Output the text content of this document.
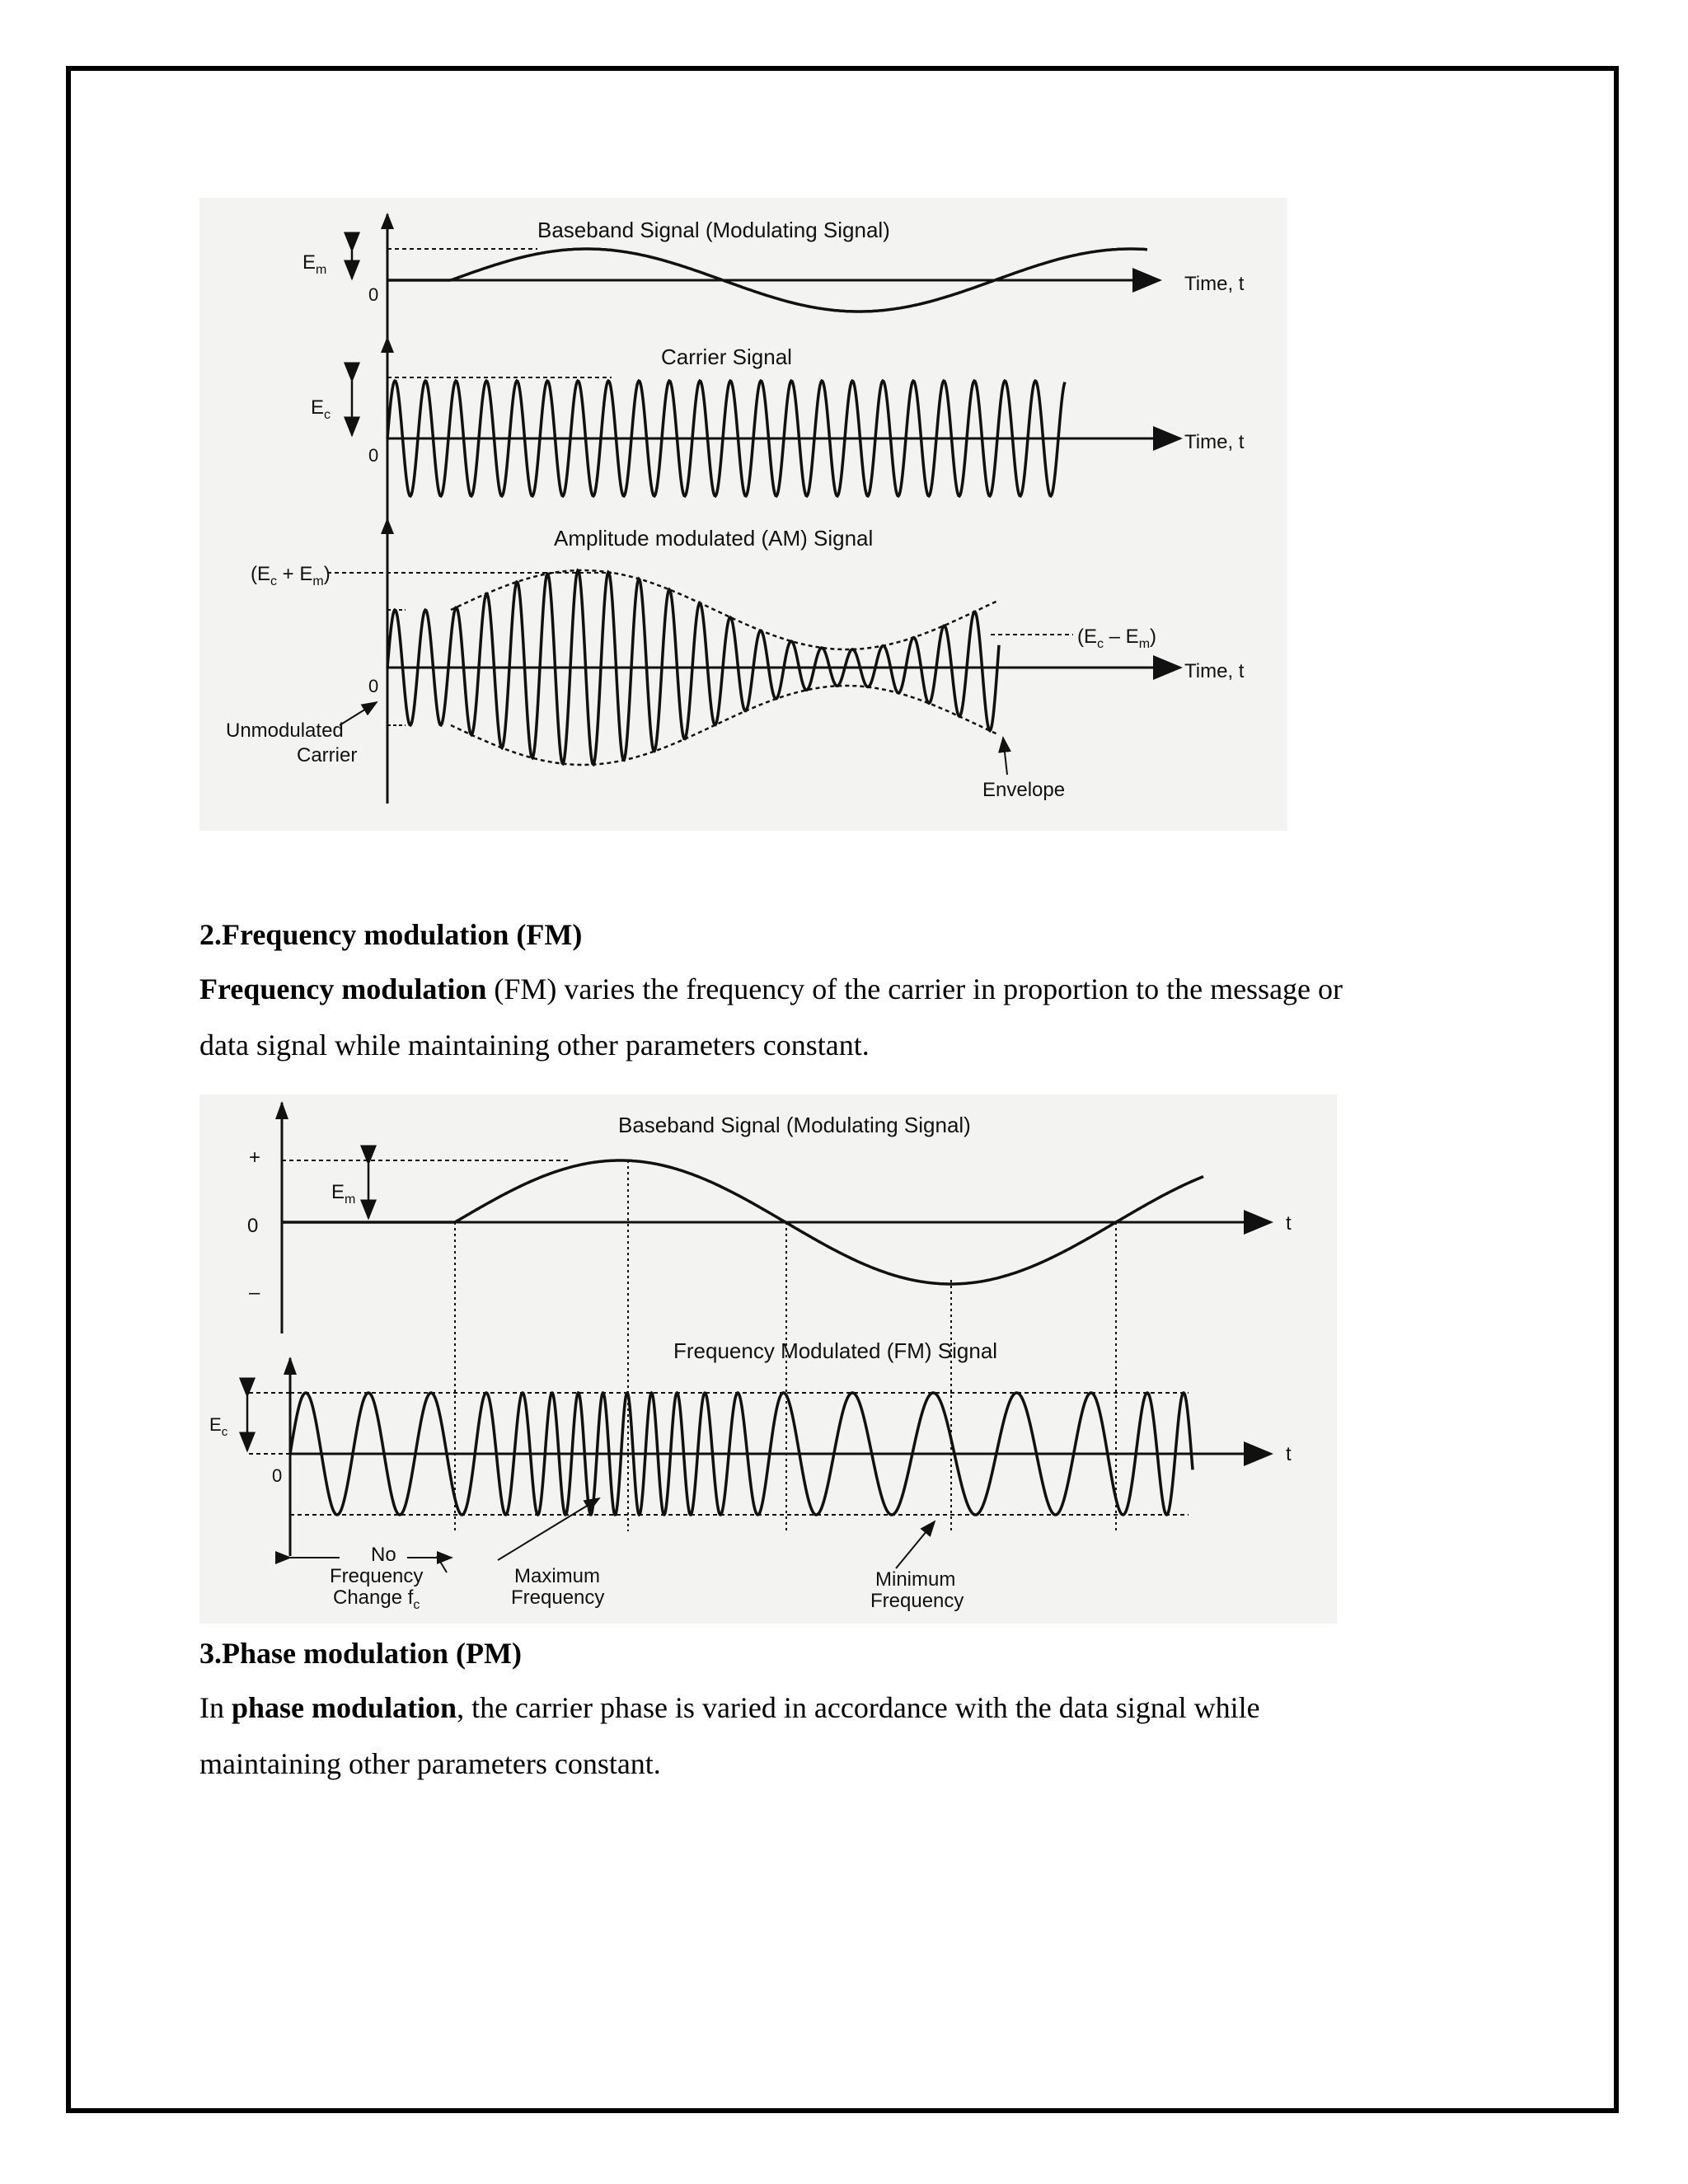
Baseband Signal (Modulating Signal)
Time, t
$E_m$
0
Carrier Signal
Time, t
$E_c$
0
Amplitude modulated (AM) Signal
Time, t
$(E_c + E_m)$
$(E_c - E_m)$
0
Unmodulated
Carrier
Envelope
2.Frequency modulation (FM)
Frequency modulation (FM) varies the frequency of the carrier in proportion to the message or
data signal while maintaining other parameters constant.
Baseband Signal (Modulating Signal)
+
0
–
$E_m$
t
Frequency Modulated (FM) Signal
$E_c$
0
t
No
Frequency
Change $f_c$
Maximum
Frequency
Minimum
Frequency
3.Phase modulation (PM)
In phase modulation, the carrier phase is varied in accordance with the data signal while
maintaining other parameters constant.
